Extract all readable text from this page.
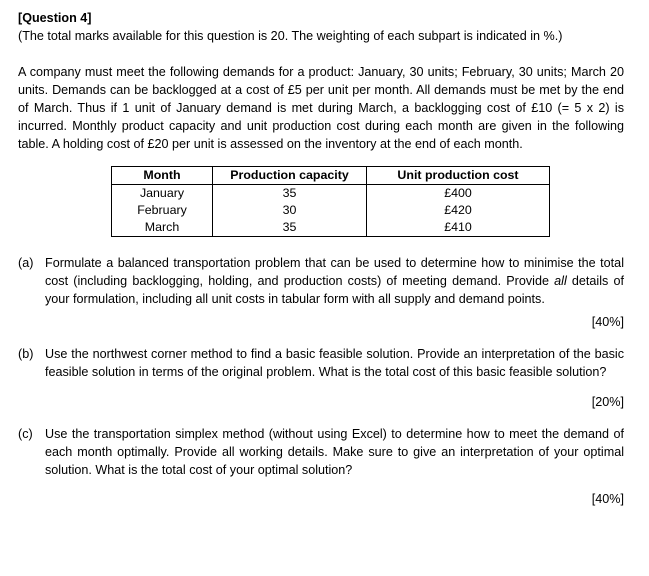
[Question 4]

(The total marks available for this question is 20. The weighting of each subpart is indicated in %.)

A company must meet the following demands for a product: January, 30 units; February, 30 units; March 20 units. Demands can be backlogged at a cost of £5 per unit per month. All demands must be met by the end of March. Thus if 1 unit of January demand is met during March, a backlogging cost of £10 (= 5 x 2) is incurred. Monthly product capacity and unit production cost during each month are given in the following table. A holding cost of £20 per unit is assessed on the inventory at the end of each month.

Month	Production capacity	Unit production cost
January	35	£400
February	30	£420
March	35	£410
(a) Formulate a balanced transportation problem that can be used to determine how to minimise the total cost (including backlogging, holding, and production costs) of meeting demand. Provide all details of your formulation, including all unit costs in tabular form with all supply and demand points.

[40%]

(b) Use the northwest corner method to find a basic feasible solution. Provide an interpretation of the basic feasible solution in terms of the original problem. What is the total cost of this basic feasible solution?

[20%]

(c) Use the transportation simplex method (without using Excel) to determine how to meet the demand of each month optimally. Provide all working details. Make sure to give an interpretation of your optimal solution. What is the total cost of your optimal solution?

[40%]
